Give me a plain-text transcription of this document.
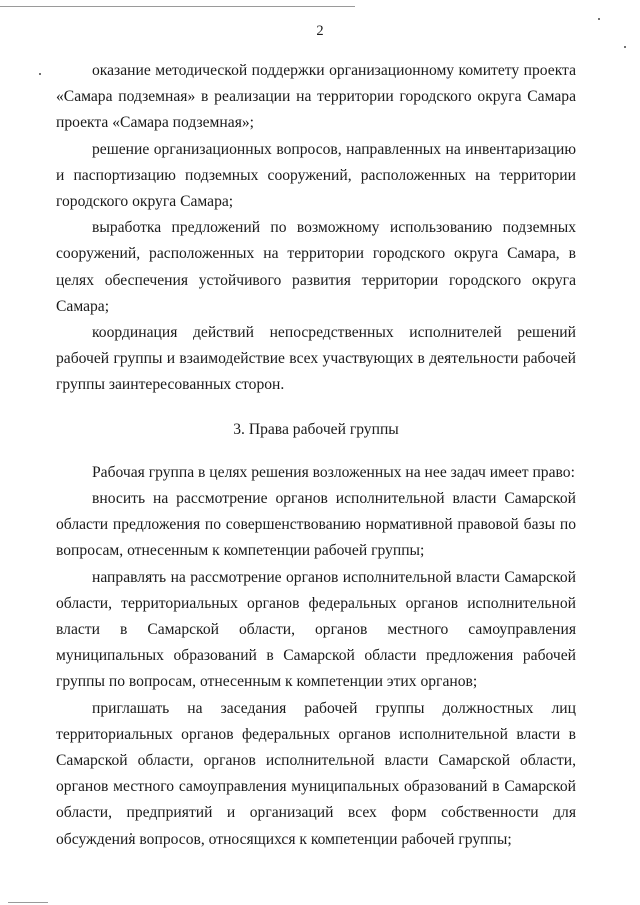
2

оказание методической поддержки организационному комитету проекта «Самара подземная» в реализации на территории городского округа Самара проекта «Самара подземная»;

решение организационных вопросов, направленных на инвентаризацию и паспортизацию подземных сооружений, расположенных на территории городского округа Самара;

выработка предложений по возможному использованию подземных сооружений, расположенных на территории городского округа Самара, в целях обеспечения устойчивого развития территории городского округа Самара;

координация действий непосредственных исполнителей решений рабочей группы и взаимодействие всех участвующих в деятельности рабочей группы заинтересованных сторон.

3. Права рабочей группы

Рабочая группа в целях решения возложенных на нее задач имеет право:

вносить на рассмотрение органов исполнительной власти Самарской области предложения по совершенствованию нормативной правовой базы по вопросам, отнесенным к компетенции рабочей группы;

направлять на рассмотрение органов исполнительной власти Самарской области, территориальных органов федеральных органов исполнительной власти в Самарской области, органов местного самоуправления муниципальных образований в Самарской области предложения рабочей группы по вопросам, отнесенным к компетенции этих органов;

приглашать на заседания рабочей группы должностных лиц территориальных органов федеральных органов исполнительной власти в Самарской области, органов исполнительной власти Самарской области, органов местного самоуправления муниципальных образований в Самарской области, предприятий и организаций всех форм собственности для обсуждения вопросов, относящихся к компетенции рабочей группы;
